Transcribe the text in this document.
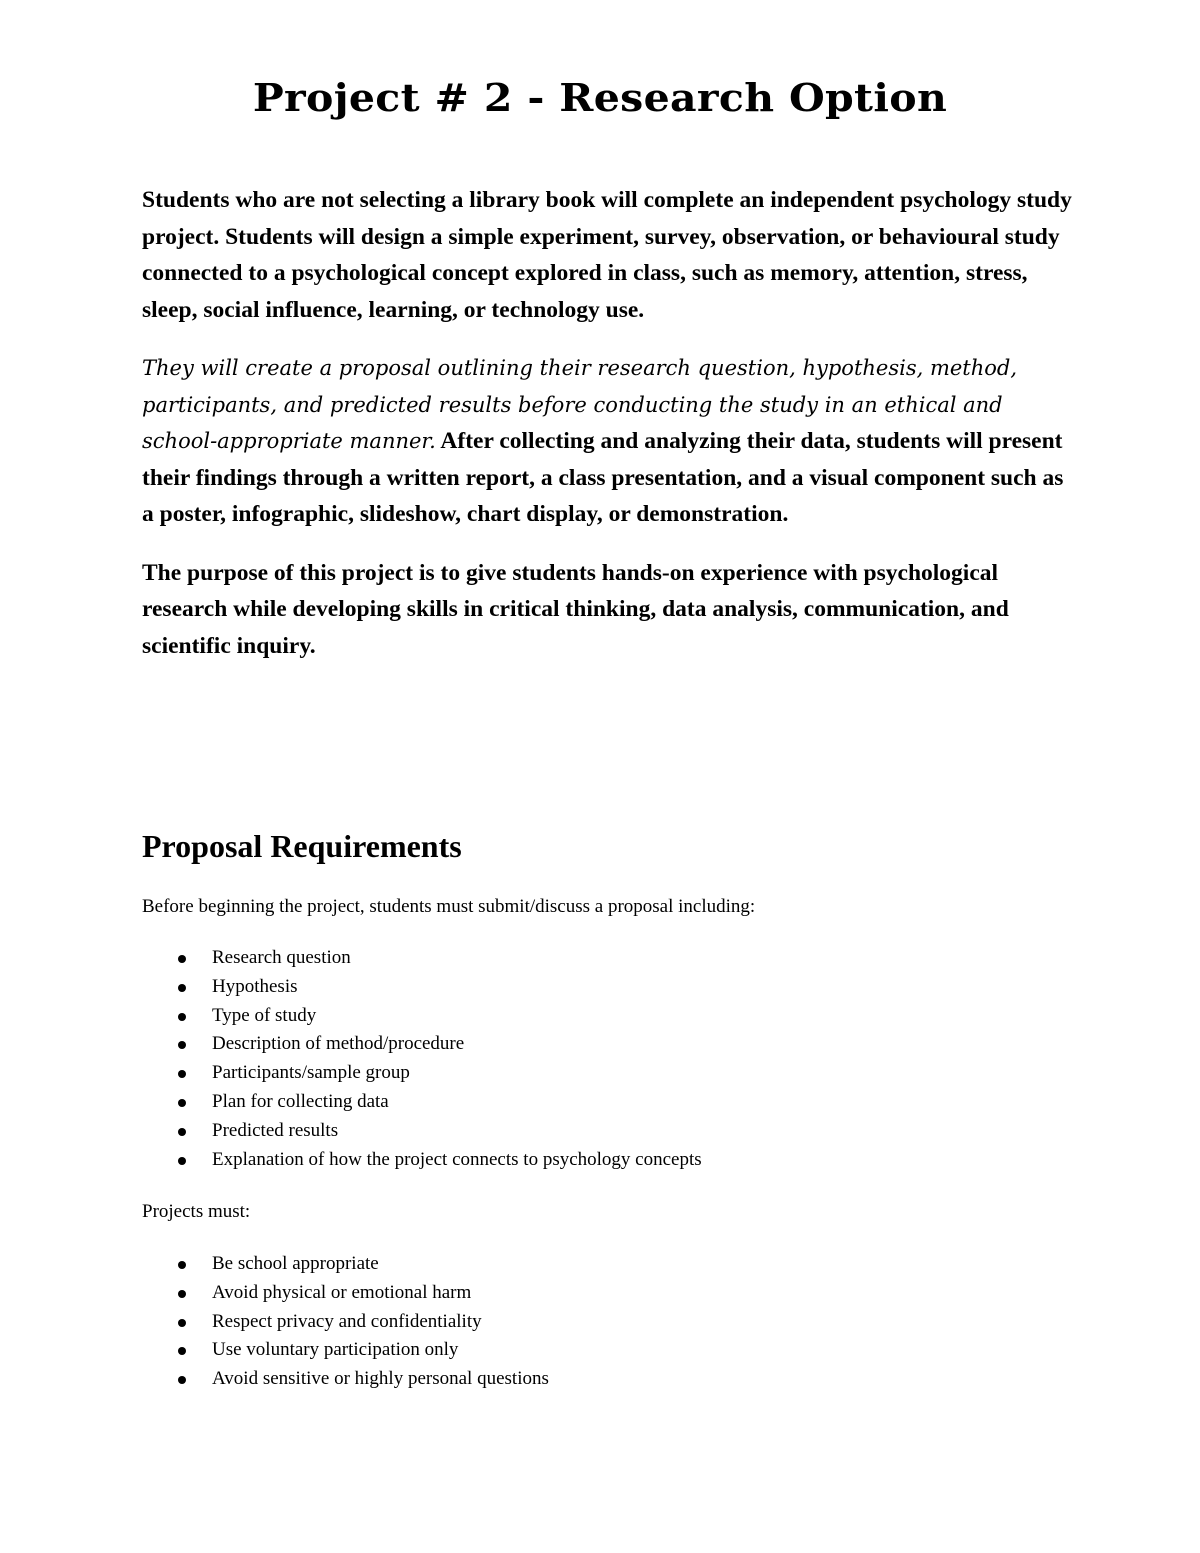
Project # 2 - Research Option

Students who are not selecting a library book will complete an independent psychology study project. Students will design a simple experiment, survey, observation, or behavioural study connected to a psychological concept explored in class, such as memory, attention, stress, sleep, social influence, learning, or technology use.

They will create a proposal outlining their research question, hypothesis, method, participants, and predicted results before conducting the study in an ethical and school-appropriate manner. After collecting and analyzing their data, students will present their findings through a written report, a class presentation, and a visual component such as a poster, infographic, slideshow, chart display, or demonstration.

The purpose of this project is to give students hands-on experience with psychological research while developing skills in critical thinking, data analysis, communication, and scientific inquiry.

Proposal Requirements

Before beginning the project, students must submit/discuss a proposal including:

Research question
Hypothesis
Type of study
Description of method/procedure
Participants/sample group
Plan for collecting data
Predicted results
Explanation of how the project connects to psychology concepts

Projects must:

Be school appropriate
Avoid physical or emotional harm
Respect privacy and confidentiality
Use voluntary participation only
Avoid sensitive or highly personal questions
